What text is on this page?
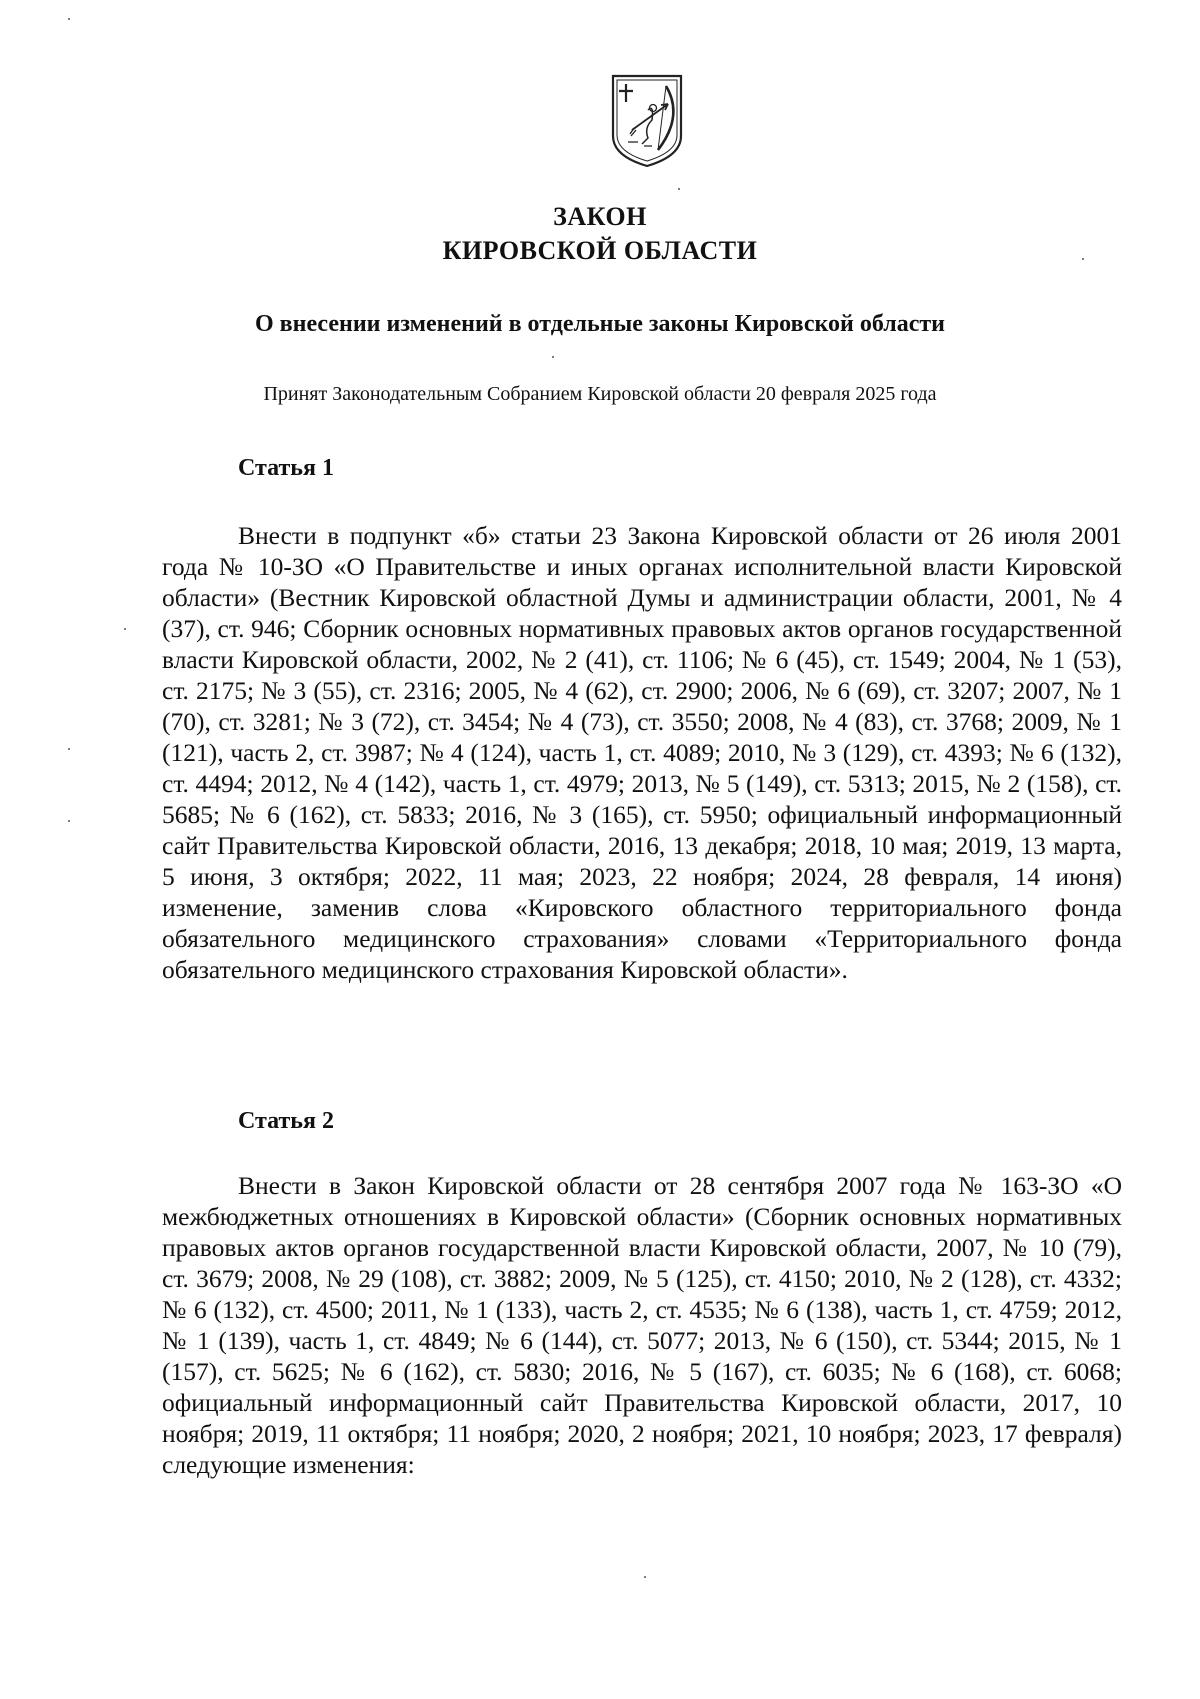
ЗАКОН
КИРОВСКОЙ ОБЛАСТИ
О внесении изменений в отдельные законы Кировской области
Принят Законодательным Собранием Кировской области 20 февраля 2025 года
Статья 1
Внести в подпункт «б» статьи 23 Закона Кировской области от 26 июля 2001 года № 10-ЗО «О Правительстве и иных органах исполнительной власти Кировской области» (Вестник Кировской областной Думы и администрации области, 2001, № 4 (37), ст. 946; Сборник основных нормативных правовых актов органов государственной власти Кировской области, 2002, № 2 (41), ст. 1106; № 6 (45), ст. 1549; 2004, № 1 (53), ст. 2175; № 3 (55), ст. 2316; 2005, № 4 (62), ст. 2900; 2006, № 6 (69), ст. 3207; 2007, № 1 (70), ст. 3281; № 3 (72), ст. 3454; № 4 (73), ст. 3550; 2008, № 4 (83), ст. 3768; 2009, № 1 (121), часть 2, ст. 3987; № 4 (124), часть 1, ст. 4089; 2010, № 3 (129), ст. 4393; № 6 (132), ст. 4494; 2012, № 4 (142), часть 1, ст. 4979; 2013, № 5 (149), ст. 5313; 2015, № 2 (158), ст. 5685; № 6 (162), ст. 5833; 2016, № 3 (165), ст. 5950; официальный информационный сайт Правительства Кировской области, 2016, 13 декабря; 2018, 10 мая; 2019, 13 марта, 5 июня, 3 октября; 2022, 11 мая; 2023, 22 ноября; 2024, 28 февраля, 14 июня) изменение, заменив слова «Кировского областного территориального фонда обязательного медицинского страхования» словами «Территориального фонда обязательного медицинского страхования Кировской области».
Статья 2
Внести в Закон Кировской области от 28 сентября 2007 года № 163-ЗО «О межбюджетных отношениях в Кировской области» (Сборник основных нормативных правовых актов органов государственной власти Кировской области, 2007, № 10 (79), ст. 3679; 2008, № 29 (108), ст. 3882; 2009, № 5 (125), ст. 4150; 2010, № 2 (128), ст. 4332; № 6 (132), ст. 4500; 2011, № 1 (133), часть 2, ст. 4535; № 6 (138), часть 1, ст. 4759; 2012, № 1 (139), часть 1, ст. 4849; № 6 (144), ст. 5077; 2013, № 6 (150), ст. 5344; 2015, № 1 (157), ст. 5625; № 6 (162), ст. 5830; 2016, № 5 (167), ст. 6035; № 6 (168), ст. 6068; официальный информационный сайт Правительства Кировской области, 2017, 10 ноября; 2019, 11 октября; 11 ноября; 2020, 2 ноября; 2021, 10 ноября; 2023, 17 февраля) следующие изменения:
